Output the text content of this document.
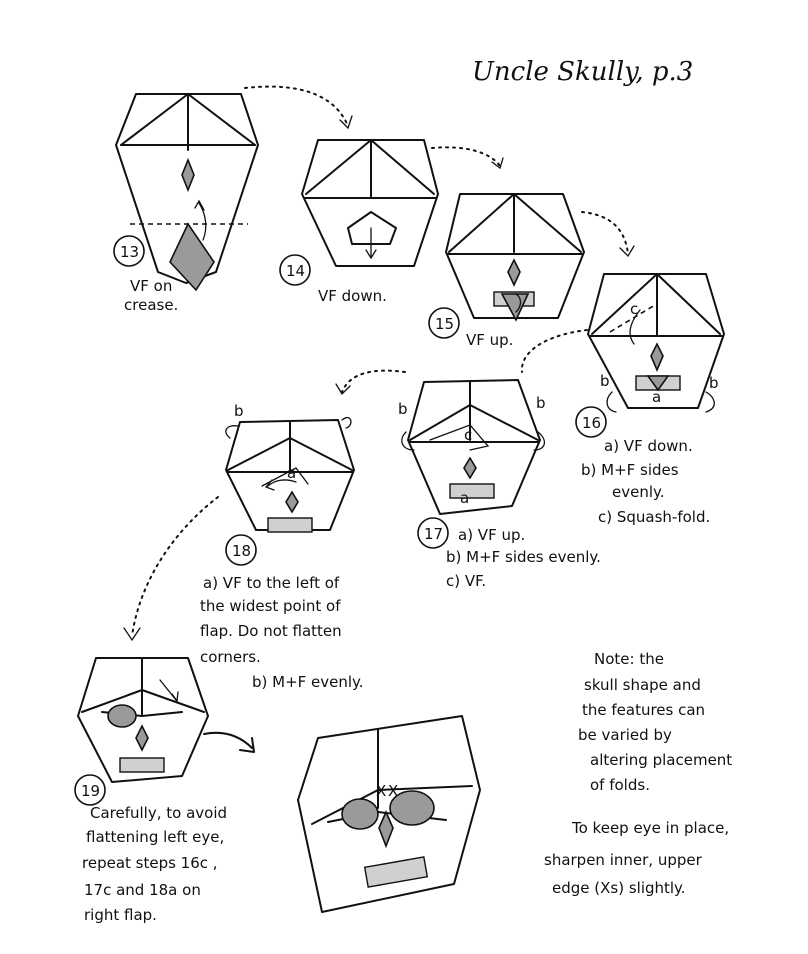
Uncle Skully, p.3
13
VF on
crease.
14
VF down.
15
VF up.
b	b
c
a
16
a) VF down.
b) M+F sides
evenly.
c) Squash-fold.
b	b
c
a
17 a) VF up.
b) M+F sides evenly.
c) VF.
b
a
18
a) VF to the left of
the widest point of
flap. Do not flatten
corners.
b) M+F evenly.
19
Carefully, to avoid
flattening left eye,
repeat steps 16c ,
17c and 18a on
right flap.
X X
Note: the
skull shape and
the features can
be varied by
altering placement
of folds.
To keep eye in place,
sharpen inner, upper
edge (Xs) slightly.
